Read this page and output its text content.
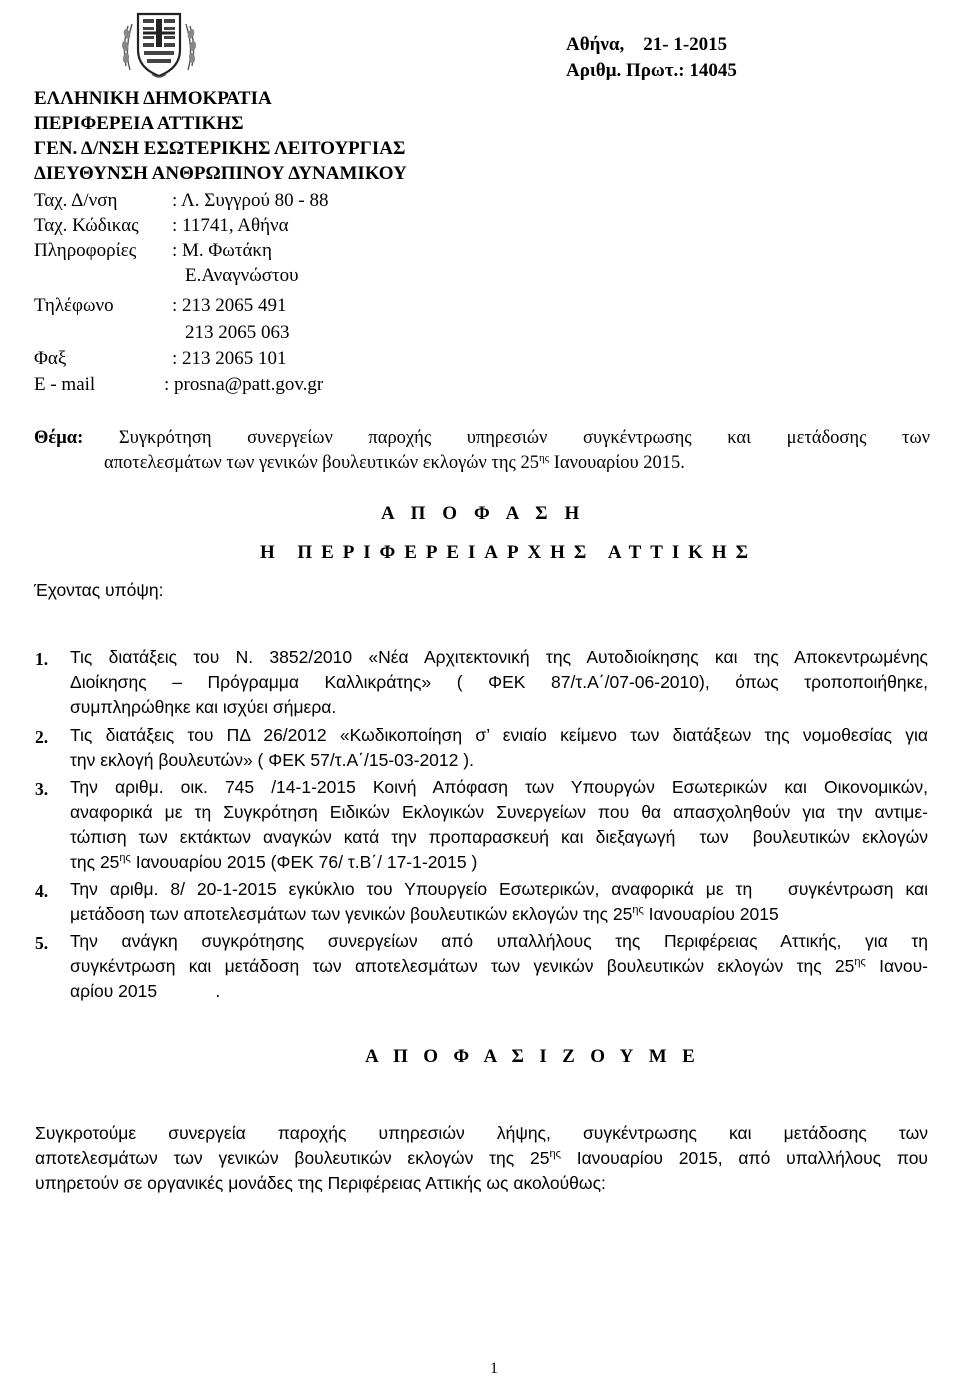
ΕΛΛΗΝΙΚΗ ΔΗΜΟΚΡΑΤΙΑ
ΠΕΡΙΦΕΡΕΙΑ ΑΤΤΙΚΗΣ
ΓΕΝ. Δ/ΝΣΗ ΕΣΩΤΕΡΙΚΗΣ ΛΕΙΤΟΥΡΓΙΑΣ
ΔΙΕΥΘΥΝΣΗ ΑΝΘΡΩΠΙΝΟΥ ΔΥΝΑΜΙΚΟΥ
Ταχ. Δ/νση	: Λ. Συγγρού 80 - 88
Ταχ. Κώδικας : 11741, Αθήνα
Πληροφορίες : Μ. Φωτάκη
Ε.Αναγνώστου
Τηλέφωνο	: 213 2065 491
213 2065 063
Φαξ	: 213 2065 101
E - mail	: prosna@patt.gov.gr
Αθήνα,    21- 1-2015
Αριθμ. Πρωτ.: 14045
Θέμα: Συγκρότηση συνεργείων παροχής υπηρεσιών συγκέντρωσης και μετάδοσης των
αποτελεσμάτων των γενικών βουλευτικών εκλογών της $25^{\eta\varsigma}$ Ιανουαρίου 2015.
Α Π Ο Φ Α Σ Η
Η ΠΕΡΙΦΕΡΕΙΑΡΧΗΣ ΑΤΤΙΚΗΣ
Έχοντας υπόψη:
1. Τις διατάξεις του Ν. 3852/2010 «Νέα Αρχιτεκτονική της Αυτοδιοίκησης και της Αποκεντρωμένης
Διοίκησης – Πρόγραμμα Καλλικράτης» ( ΦΕΚ 87/τ.Α΄/07-06-2010), όπως τροποποιήθηκε,
συμπληρώθηκε και ισχύει σήμερα.
2. Τις διατάξεις του ΠΔ 26/2012 «Κωδικοποίηση σ’ ενιαίο κείμενο των διατάξεων της νομοθεσίας για
την εκλογή βουλευτών» ( ΦΕΚ 57/τ.Α΄/15-03-2012 ).
3. Την αριθμ. οικ. 745 /14-1-2015 Κοινή Απόφαση των Υπουργών Εσωτερικών και Οικονομικών,
αναφορικά με τη Συγκρότηση Ειδικών Εκλογικών Συνεργείων που θα απασχοληθούν για την αντιμε-
τώπιση των εκτάκτων αναγκών κατά την προπαρασκευή και διεξαγωγή  των  βουλευτικών εκλογών
της $25^{\eta\varsigma}$ Ιανουαρίου 2015 (ΦΕΚ 76/ τ.Β΄/ 17-1-2015 )
4. Την αριθμ. 8/ 20-1-2015 εγκύκλιο του Υπουργείο Εσωτερικών, αναφορικά με τη   συγκέντρωση και
μετάδοση των αποτελεσμάτων των γενικών βουλευτικών εκλογών της $25^{\eta\varsigma}$ Ιανουαρίου 2015
5. Την ανάγκη συγκρότησης συνεργείων από υπαλλήλους της Περιφέρειας Αττικής, για τη
συγκέντρωση και μετάδοση των αποτελεσμάτων των γενικών βουλευτικών εκλογών της $25^{\eta\varsigma}$ Ιανου-
αρίου 2015            .
Α Π Ο Φ Α Σ Ι Ζ Ο Υ Μ Ε
Συγκροτούμε συνεργεία παροχής υπηρεσιών λήψης, συγκέντρωσης και μετάδοσης των
αποτελεσμάτων των γενικών βουλευτικών εκλογών της $25^{\eta\varsigma}$ Ιανουαρίου 2015, από υπαλλήλους που
υπηρετούν σε οργανικές μονάδες της Περιφέρειας Αττικής ως ακολούθως:
1
